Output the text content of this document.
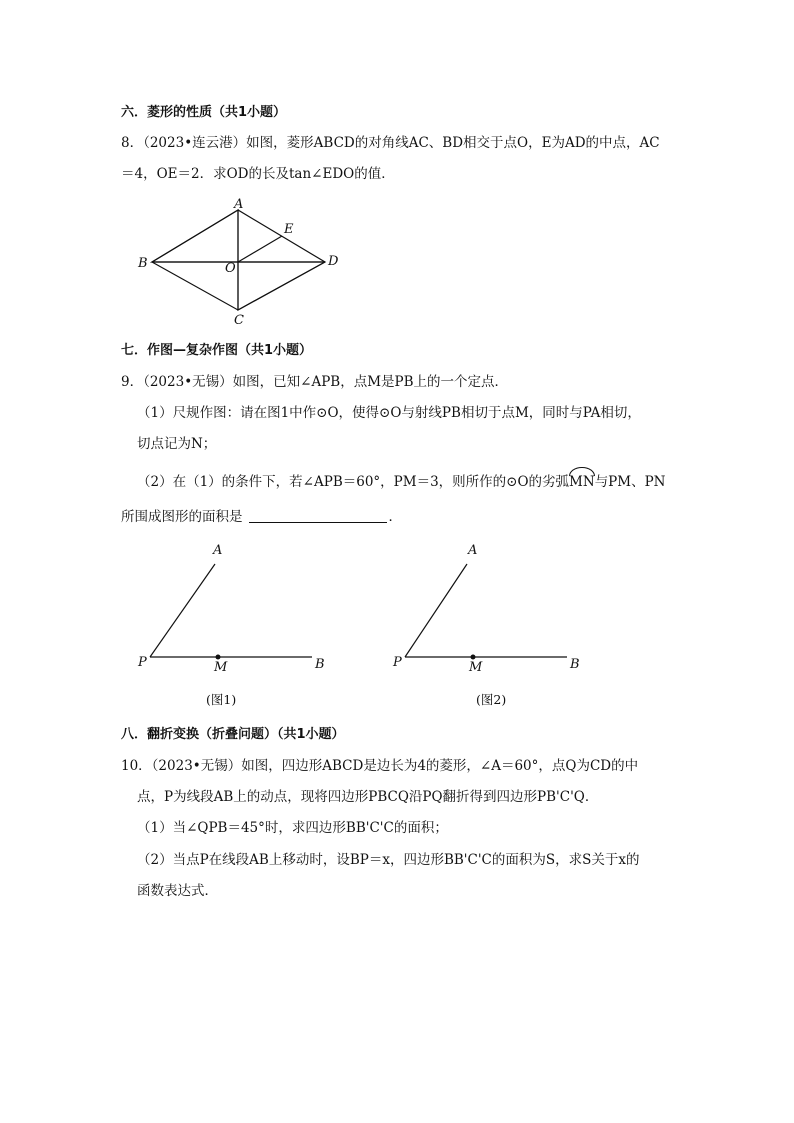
六．菱形的性质（共1小题）
8．（2023•连云港）如图，菱形ABCD的对角线AC、BD相交于点O，E为AD的中点，AC
＝4，OE＝2．求OD的长及tan∠EDO的值．
A
B
C
D
E
O
七．作图—复杂作图（共1小题）
9．（2023•无锡）如图，已知∠APB，点M是PB上的一个定点．
（1）尺规作图：请在图1中作⊙O，使得⊙O与射线PB相切于点M，同时与PA相切，
切点记为N；
（2）在（1）的条件下，若∠APB＝60°，PM＝3，则所作的⊙O的劣弧MN与PM、PN
所围成图形的面积是	．
A
P	M	B
(图1)
A
P	M	B
(图2)
八．翻折变换（折叠问题）（共1小题）
10．（2023•无锡）如图，四边形ABCD是边长为4的菱形，∠A＝60°，点Q为CD的中
点，P为线段AB上的动点，现将四边形PBCQ沿PQ翻折得到四边形PB'C'Q．
（1）当∠QPB＝45°时，求四边形BB'C'C的面积；
（2）当点P在线段AB上移动时，设BP＝x，四边形BB'C'C的面积为S，求S关于x的
函数表达式．
